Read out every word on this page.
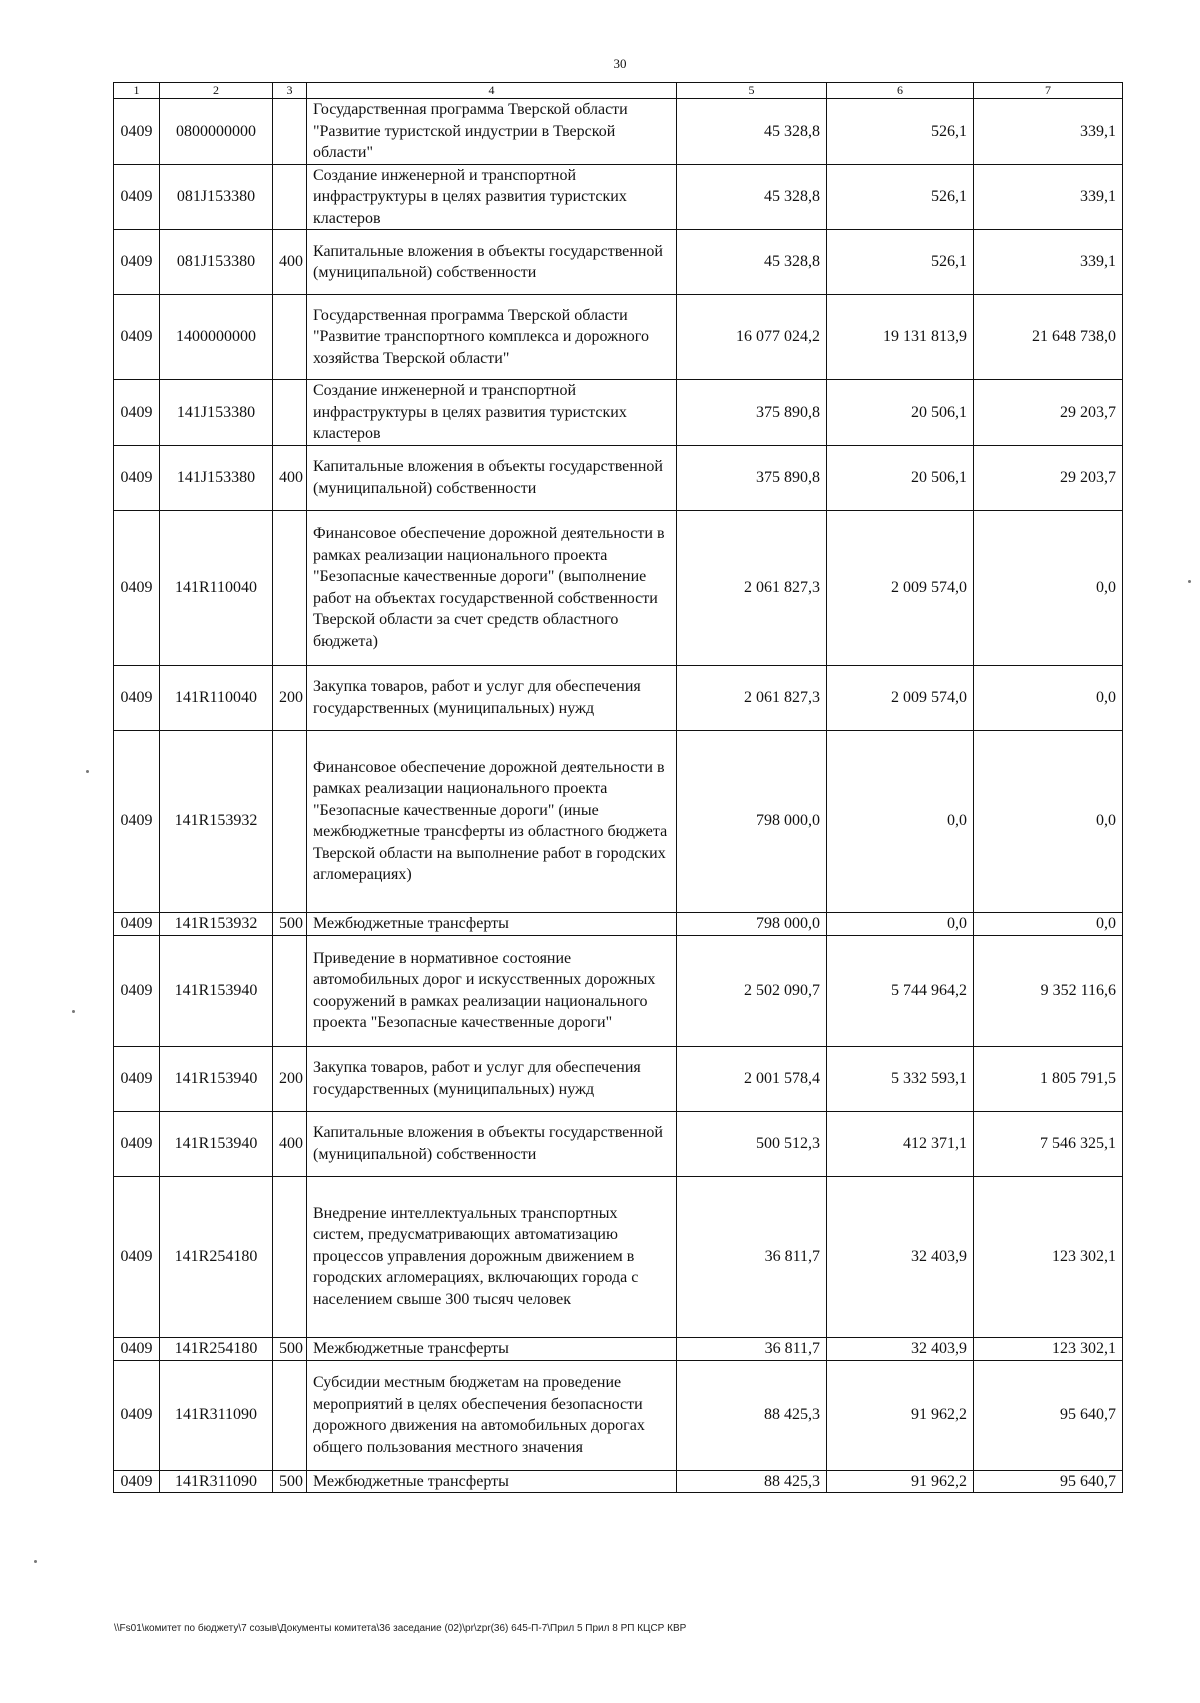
30
1	2	3	4	5	6	7
0409	0800000000		Государственная программа Тверской области "Развитие туристской индустрии в Тверской области"	45 328,8	526,1	339,1
0409	081J153380		Создание инженерной и транспортной инфраструктуры в целях развития туристских кластеров	45 328,8	526,1	339,1
0409	081J153380	400	Капитальные вложения в объекты государственной (муниципальной) собственности	45 328,8	526,1	339,1
0409	1400000000		Государственная программа Тверской области "Развитие транспортного комплекса и дорожного хозяйства Тверской области"	16 077 024,2	19 131 813,9	21 648 738,0
0409	141J153380		Создание инженерной и транспортной инфраструктуры в целях развития туристских кластеров	375 890,8	20 506,1	29 203,7
0409	141J153380	400	Капитальные вложения в объекты государственной (муниципальной) собственности	375 890,8	20 506,1	29 203,7
0409	141R110040		Финансовое обеспечение дорожной деятельности в рамках реализации национального проекта "Безопасные качественные дороги" (выполнение работ на объектах государственной собственности Тверской области за счет средств областного бюджета)	2 061 827,3	2 009 574,0	0,0
0409	141R110040	200	Закупка товаров, работ и услуг для обеспечения государственных (муниципальных) нужд	2 061 827,3	2 009 574,0	0,0
0409	141R153932		Финансовое обеспечение дорожной деятельности в рамках реализации национального проекта "Безопасные качественные дороги" (иные межбюджетные трансферты из областного бюджета Тверской области на выполнение работ в городских агломерациях)	798 000,0	0,0	0,0
0409	141R153932	500	Межбюджетные трансферты	798 000,0	0,0	0,0
0409	141R153940		Приведение в нормативное состояние автомобильных дорог и искусственных дорожных сооружений в рамках реализации национального проекта "Безопасные качественные дороги"	2 502 090,7	5 744 964,2	9 352 116,6
0409	141R153940	200	Закупка товаров, работ и услуг для обеспечения государственных (муниципальных) нужд	2 001 578,4	5 332 593,1	1 805 791,5
0409	141R153940	400	Капитальные вложения в объекты государственной (муниципальной) собственности	500 512,3	412 371,1	7 546 325,1
0409	141R254180		Внедрение интеллектуальных транспортных систем, предусматривающих автоматизацию процессов управления дорожным движением в городских агломерациях, включающих города с населением свыше 300 тысяч человек	36 811,7	32 403,9	123 302,1
0409	141R254180	500	Межбюджетные трансферты	36 811,7	32 403,9	123 302,1
0409	141R311090		Субсидии местным бюджетам на проведение мероприятий в целях обеспечения безопасности дорожного движения на автомобильных дорогах общего пользования местного значения	88 425,3	91 962,2	95 640,7
0409	141R311090	500	Межбюджетные трансферты	88 425,3	91 962,2	95 640,7
\\Fs01\комитет по бюджету\7 созыв\Документы комитета\36 заседание (02)\pr\zpr(36) 645-П-7\Прил 5 Прил 8 РП КЦСР КВР
